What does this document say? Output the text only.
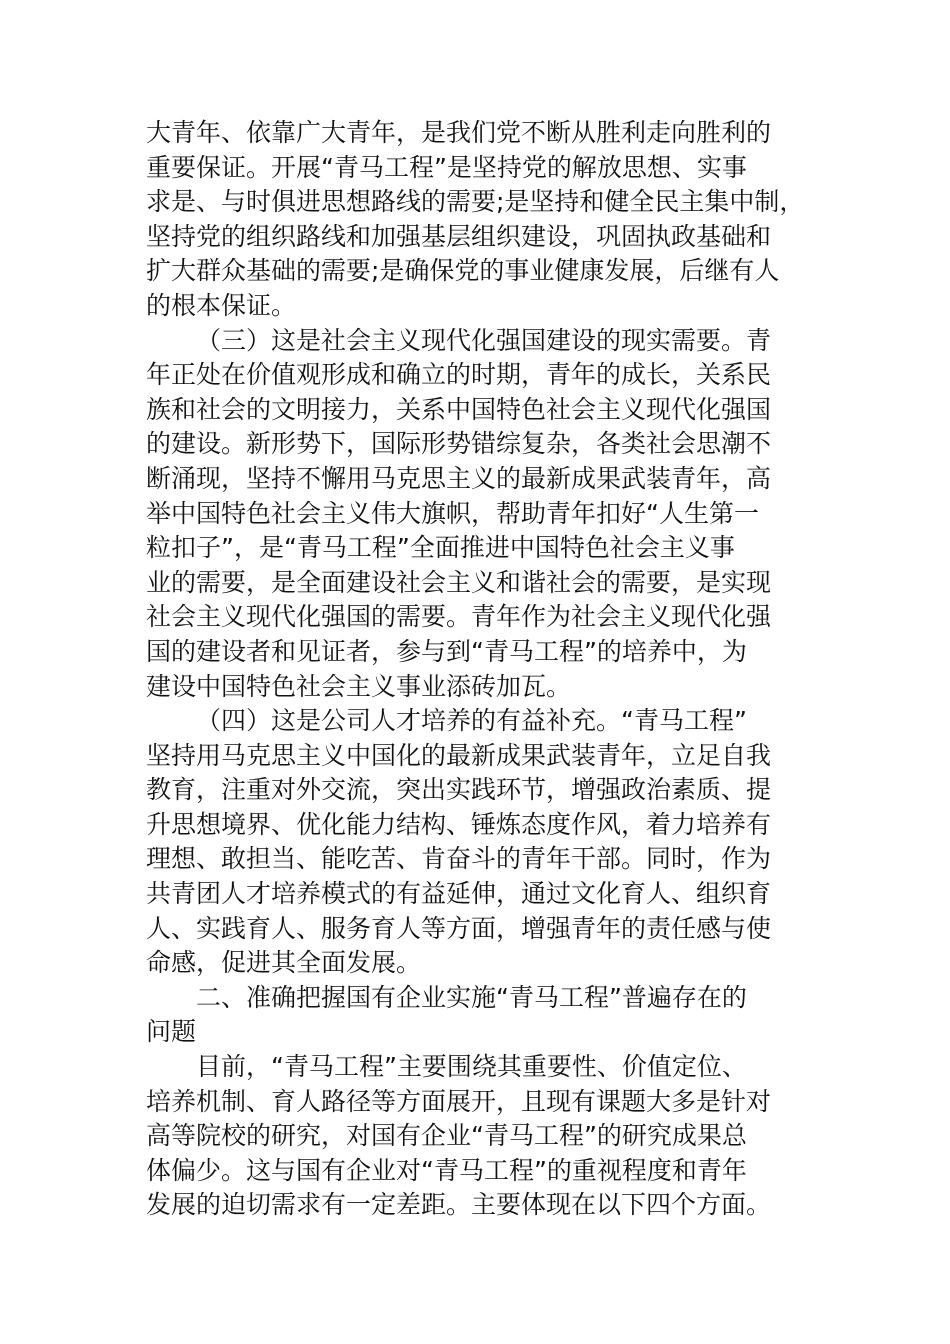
大青年、依靠广大青年，是我们党不断从胜利走向胜利的
重要保证。开展“青马工程”是坚持党的解放思想、实事
求是、与时俱进思想路线的需要;是坚持和健全民主集中制，
坚持党的组织路线和加强基层组织建设，巩固执政基础和
扩大群众基础的需要;是确保党的事业健康发展，后继有人
的根本保证。
（三）这是社会主义现代化强国建设的现实需要。青
年正处在价值观形成和确立的时期，青年的成长，关系民
族和社会的文明接力，关系中国特色社会主义现代化强国
的建设。新形势下，国际形势错综复杂，各类社会思潮不
断涌现，坚持不懈用马克思主义的最新成果武装青年，高
举中国特色社会主义伟大旗帜，帮助青年扣好“人生第一
粒扣子”，是“青马工程”全面推进中国特色社会主义事
业的需要，是全面建设社会主义和谐社会的需要，是实现
社会主义现代化强国的需要。青年作为社会主义现代化强
国的建设者和见证者，参与到“青马工程”的培养中，为
建设中国特色社会主义事业添砖加瓦。
（四）这是公司人才培养的有益补充。“青马工程”
坚持用马克思主义中国化的最新成果武装青年，立足自我
教育，注重对外交流，突出实践环节，增强政治素质、提
升思想境界、优化能力结构、锤炼态度作风，着力培养有
理想、敢担当、能吃苦、肯奋斗的青年干部。同时，作为
共青团人才培养模式的有益延伸，通过文化育人、组织育
人、实践育人、服务育人等方面，增强青年的责任感与使
命感，促进其全面发展。
二、准确把握国有企业实施“青马工程”普遍存在的
问题
目前，“青马工程”主要围绕其重要性、价值定位、
培养机制、育人路径等方面展开，且现有课题大多是针对
高等院校的研究，对国有企业“青马工程”的研究成果总
体偏少。这与国有企业对“青马工程”的重视程度和青年
发展的迫切需求有一定差距。主要体现在以下四个方面。
